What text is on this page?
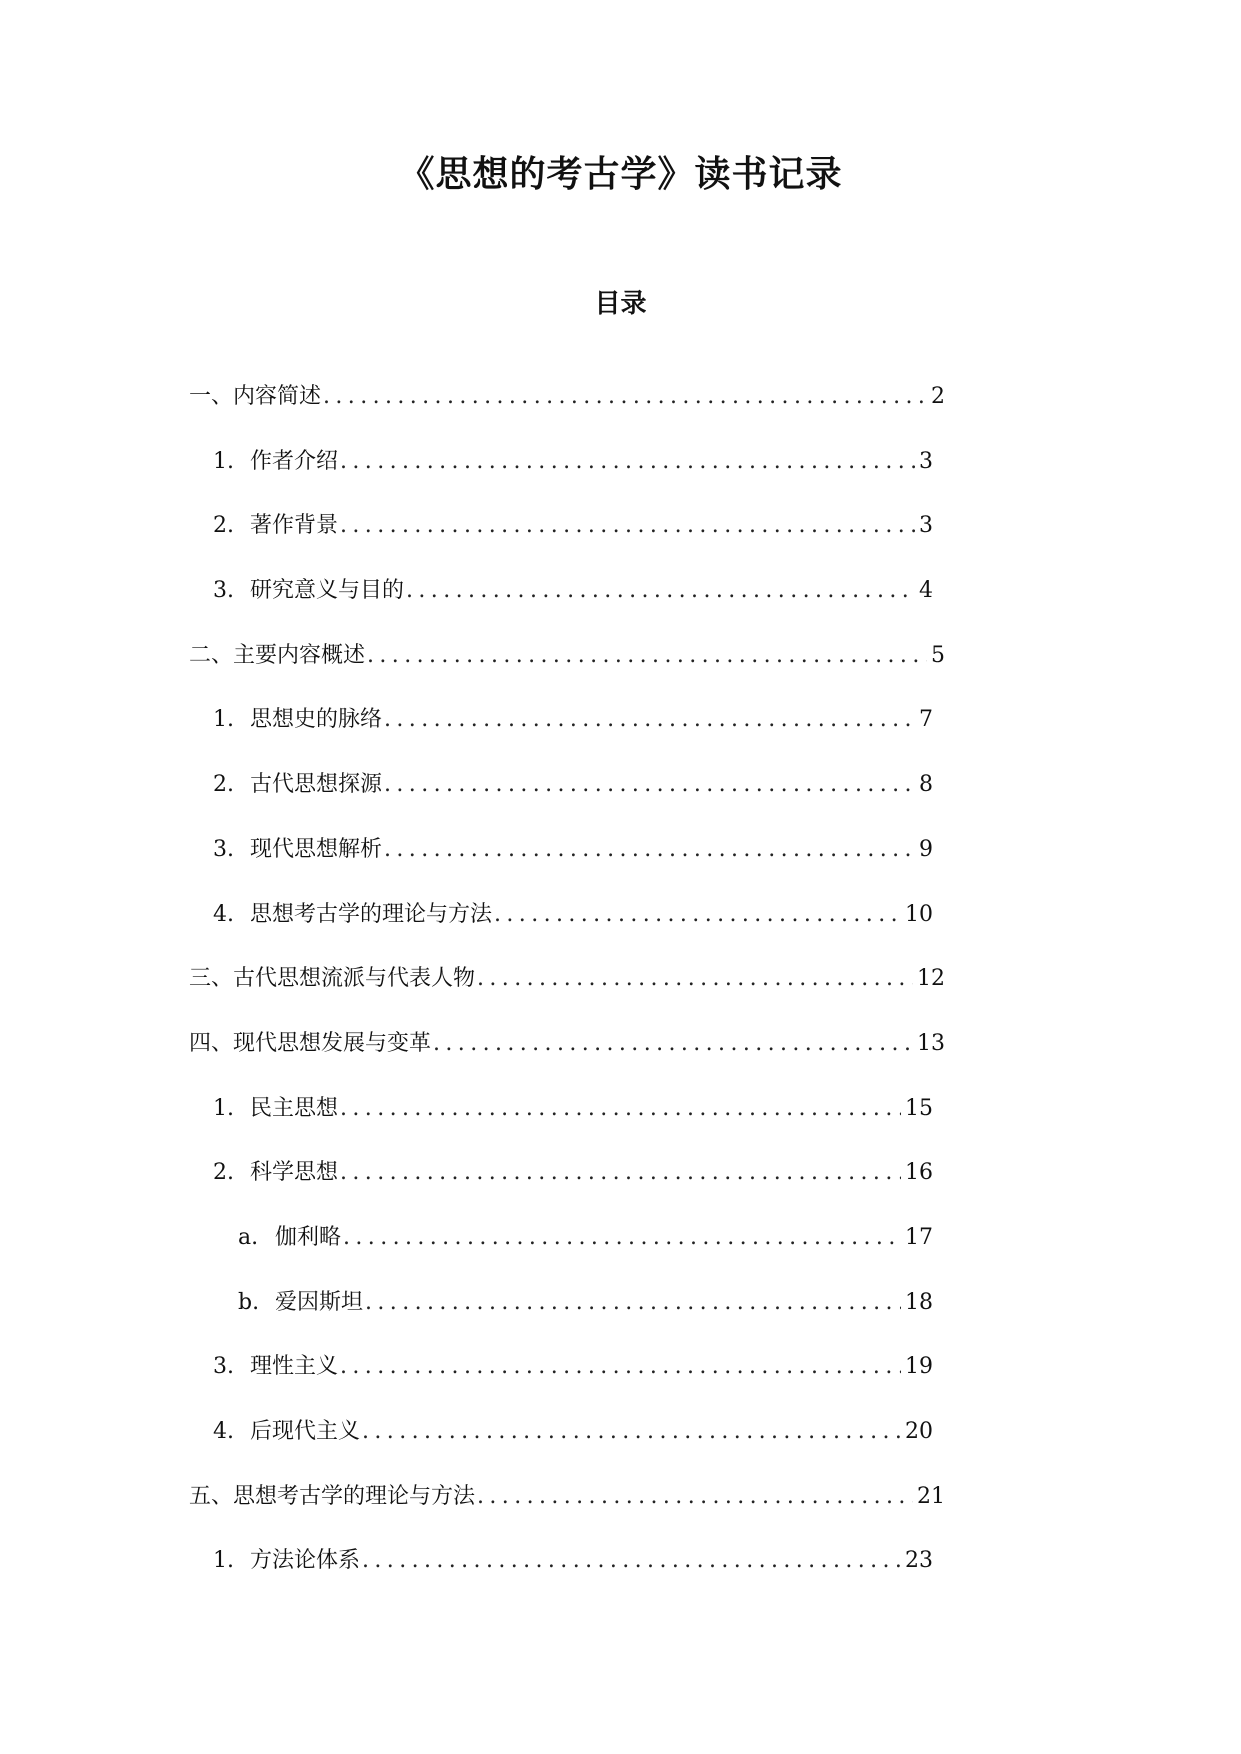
《思想的考古学》读书记录
目录
一、内容简述 .....	2
1. 作者介绍 .....	3
2. 著作背景 .....	3
3. 研究意义与目的 .....	4
二、主要内容概述 .....	5
1. 思想史的脉络 .....	7
2. 古代思想探源 .....	8
3. 现代思想解析 .....	9
4. 思想考古学的理论与方法 .....	10
三、古代思想流派与代表人物 .....	12
四、现代思想发展与变革 .....	13
1. 民主思想 .....	15
2. 科学思想 .....	16
a. 伽利略 .....	17
b. 爱因斯坦 .....	18
3. 理性主义 .....	19
4. 后现代主义 .....	20
五、思想考古学的理论与方法 .....	21
1. 方法论体系 .....	23
